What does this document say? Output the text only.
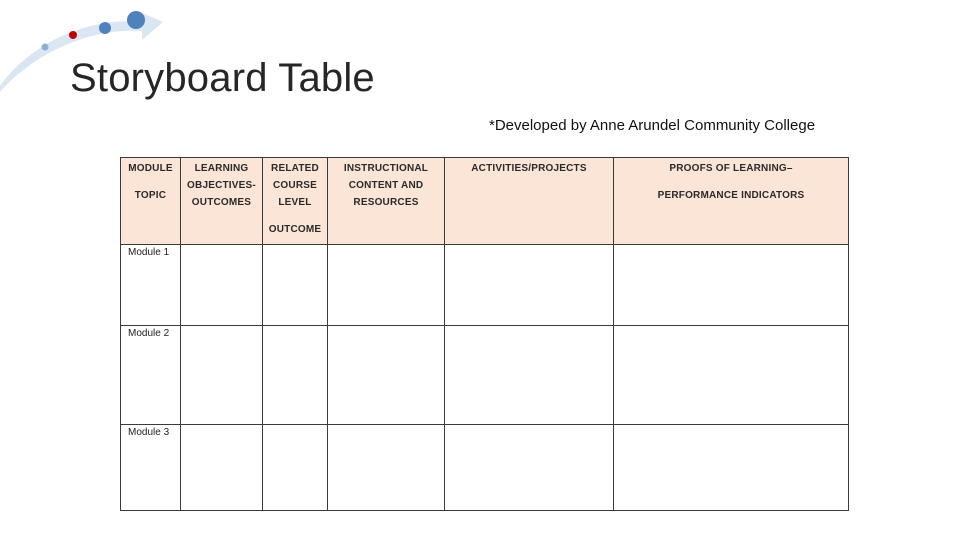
Storyboard Table
*Developed by Anne Arundel Community College
MODULE
TOPIC	LEARNING
OBJECTIVES-
OUTCOMES	RELATED
COURSE
LEVEL
OUTCOME	INSTRUCTIONAL
CONTENT AND
RESOURCES	ACTIVITIES/PROJECTS	PROOFS OF LEARNING–
PERFORMANCE INDICATORS

Module 1					
Module 2					
Module 3					
